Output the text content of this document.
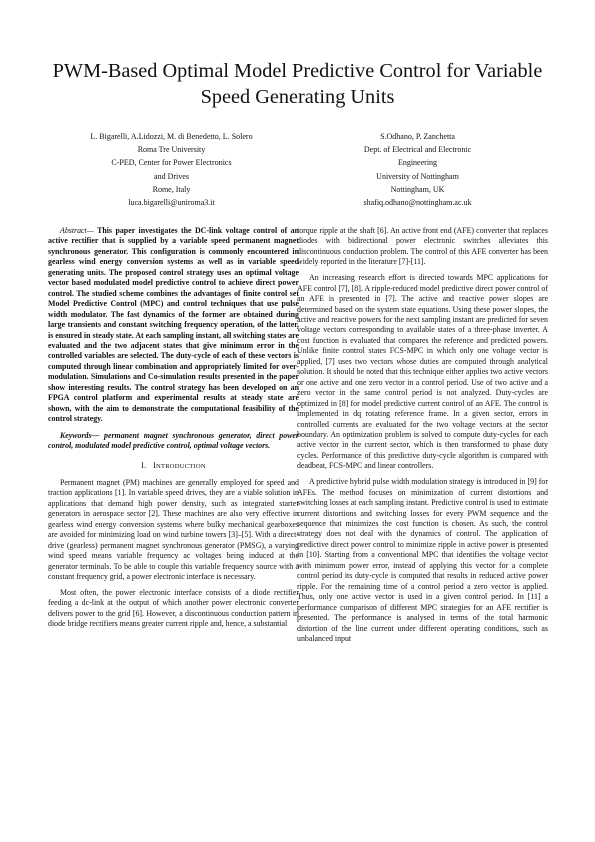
PWM-Based Optimal Model Predictive Control for Variable Speed Generating Units
L. Bigarelli, A.Lidozzi, M. di Benedetto, L. Solero
Roma Tre University
C-PED, Center for Power Electronics
and Drives
Rome, Italy
luca.bigarelli@uniroma3.it
S.Odhano, P. Zanchetta
Dept. of Electrical and Electronic
Engineering
University of Nottingham
Nottingham, UK
shafiq.odhano@nottingham.ac.uk

Abstract— This paper investigates the DC-link voltage control of an active rectifier that is supplied by a variable speed permanent magnet synchronous generator. This configuration is commonly encountered in gearless wind energy conversion systems as well as in variable speed generating units. The proposed control strategy uses an optimal voltage vector based modulated model predictive control to achieve direct power control. The studied scheme combines the advantages of finite control set Model Predictive Control (MPC) and control techniques that use pulse width modulator. The fast dynamics of the former are obtained during large transients and constant switching frequency operation, of the latter, is ensured in steady state. At each sampling instant, all switching states are evaluated and the two adjacent states that give minimum error in the controlled variables are selected. The duty-cycle of each of these vectors is computed through linear combination and appropriately limited for over-modulation. Simulations and Co-simulation results presented in the paper show interesting results. The control strategy has been developed on an FPGA control platform and experimental results at steady state are shown, with the aim to demonstrate the computational feasibility of the control strategy.

Keywords— permanent magnet synchronous generator, direct power control, modulated model predictive control, optimal voltage vectors.

I. INTRODUCTION

Permanent magnet (PM) machines are generally employed for speed and traction applications [1]. In variable speed drives, they are a viable solution in applications that demand high power density, such as integrated starter generators in aerospace sector [2]. These machines are also very effective in gearless wind energy conversion systems where bulky mechanical gearboxes are avoided for minimizing load on wind turbine towers [3]–[5]. With a direct-drive (gearless) permanent magnet synchronous generator (PMSG), a varying wind speed means variable frequency ac voltages being induced at the generator terminals. To be able to couple this variable frequency source with a constant frequency grid, a power electronic interface is necessary.

Most often, the power electronic interface consists of a diode rectifier feeding a dc-link at the output of which another power electronic converter delivers power to the grid [6]. However, a discontinuous conduction pattern in diode bridge rectifiers means greater current ripple and, hence, a substantial

torque ripple at the shaft [6]. An active front end (AFE) converter that replaces diodes with bidirectional power electronic switches alleviates this discontinuous conduction problem. The control of this AFE converter has been widely reported in the literature [7]-[11].

An increasing research effort is directed towards MPC applications for AFE control [7], [8]. A ripple-reduced model predictive direct power control of an AFE is presented in [7]. The active and reactive power slopes are determined based on the system state equations. Using these power slopes, the active and reactive powers for the next sampling instant are predicted for seven voltage vectors corresponding to available states of a three-phase inverter. A cost function is evaluated that compares the reference and predicted powers. Unlike finite control states FCS-MPC in which only one voltage vector is applied, [7] uses two vectors whose duties are computed through analytical solution. It should be noted that this technique either applies two active vectors or one active and one zero vector in a control period. Use of two active and a zero vector in the same control period is not analyzed. Duty-cycles are optimized in [8] for model predictive current control of an AFE. The control is implemented in dq rotating reference frame. In a given sector, errors in controlled currents are evaluated for the two voltage vectors at the sector boundary. An optimization problem is solved to compute duty-cycles for each active vector in the current sector, which is then transformed to phase duty cycles. Performance of this predictive duty-cycle algorithm is compared with deadbeat, FCS-MPC and linear controllers.

A predictive hybrid pulse width modulation strategy is introduced in [9] for AFEs. The method focuses on minimization of current distortions and switching losses at each sampling instant. Predictive control is used to estimate current distortions and switching losses for every PWM sequence and the sequence that minimizes the cost function is chosen. As such, the control strategy does not deal with the dynamics of control. The application of predictive direct power control to minimize ripple in active power is presented in [10]. Starting from a conventional MPC that identifies the voltage vector with minimum power error, instead of applying this vector for a complete control period its duty-cycle is computed that results in reduced active power ripple. For the remaining time of a control period a zero vector is applied. Thus, only one active vector is used in a given control period. In [11] a performance comparison of different MPC strategies for an AFE rectifier is presented. The performance is analysed in terms of the total harmonic distortion of the line current under different operating conditions, such as unbalanced input
